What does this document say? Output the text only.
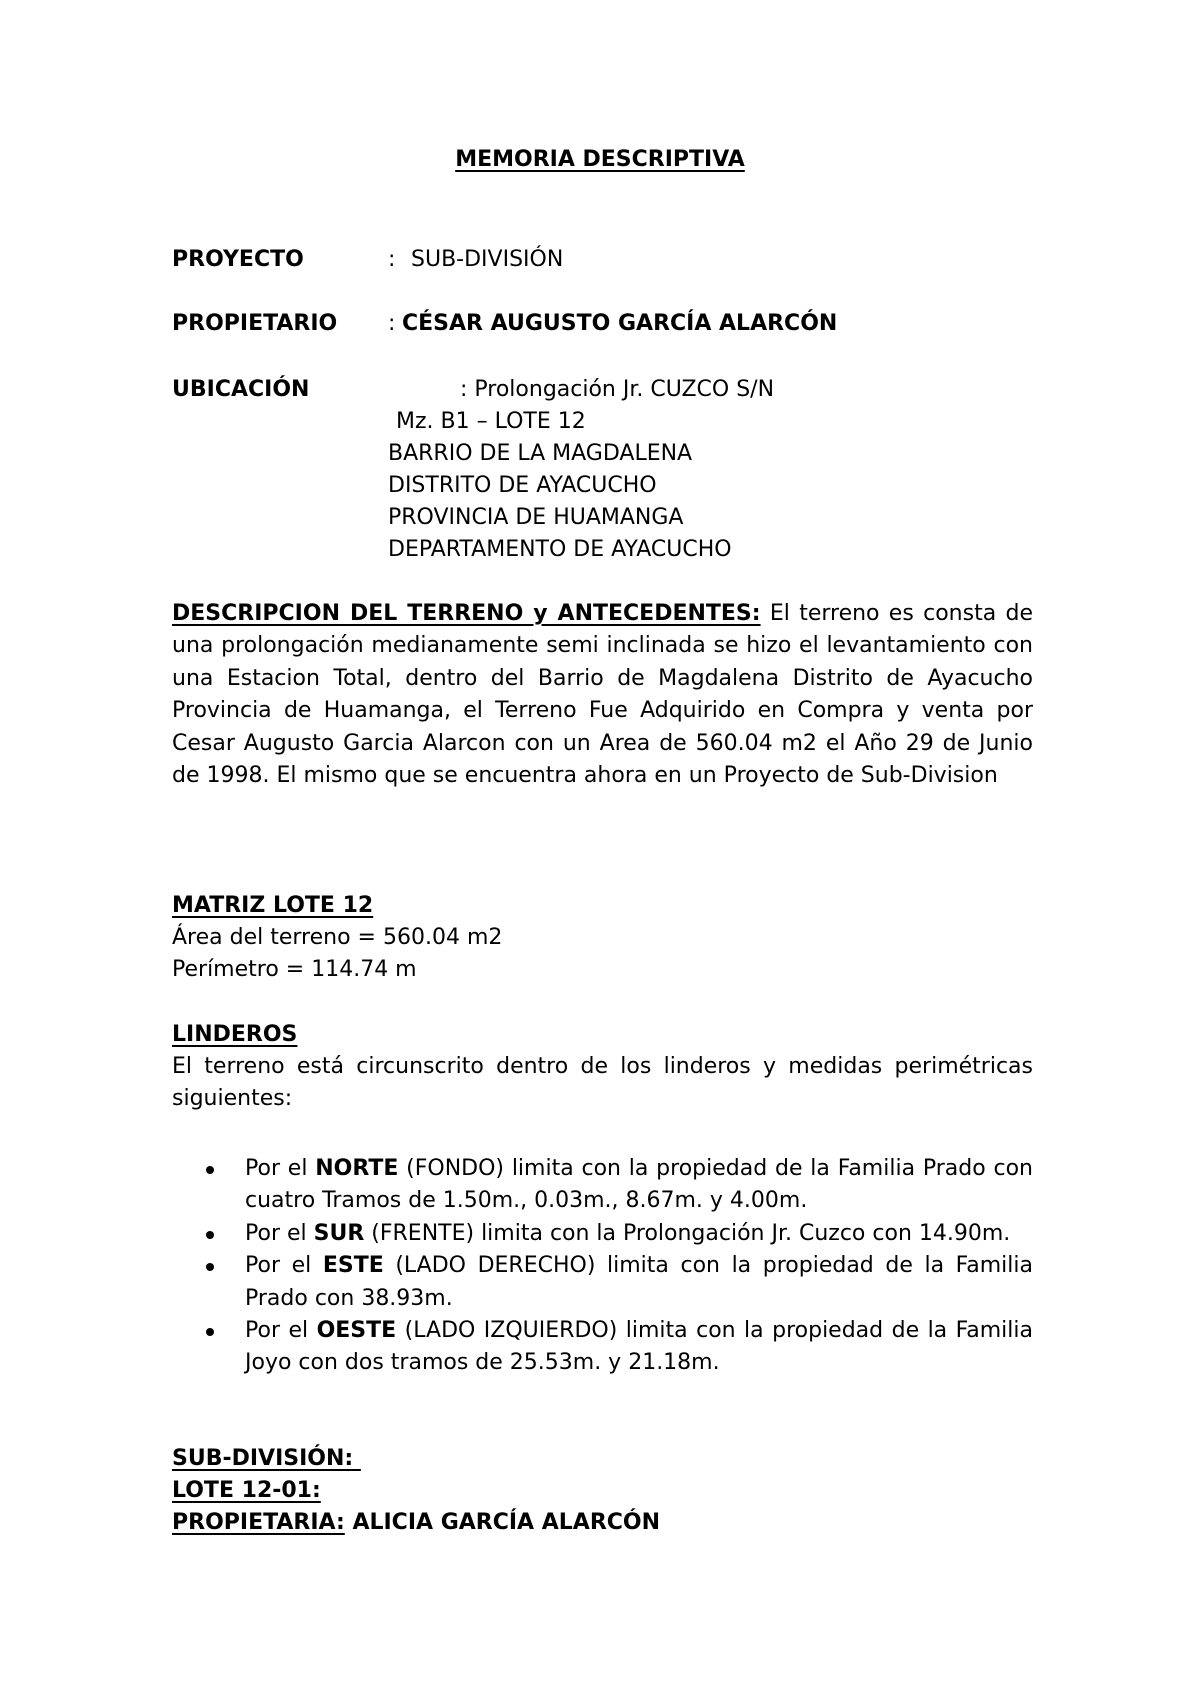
MEMORIA DESCRIPTIVA
PROYECTO	: SUB-DIVISIÓN
PROPIETARIO : CÉSAR AUGUSTO GARCÍA ALARCÓN
UBICACIÓN	: Prolongación Jr. CUZCO S/N
Mz. B1 – LOTE 12
BARRIO DE LA MAGDALENA
DISTRITO DE AYACUCHO
PROVINCIA DE HUAMANGA
DEPARTAMENTO DE AYACUCHO
DESCRIPCION DEL TERRENO y ANTECEDENTES: El terreno es consta de una prolongación medianamente semi inclinada se hizo el levantamiento con una Estacion Total, dentro del Barrio de Magdalena Distrito de Ayacucho Provincia de Huamanga, el Terreno Fue Adquirido en Compra y venta por Cesar Augusto Garcia Alarcon con un Area de 560.04 m2 el Año 29 de Junio de 1998. El mismo que se encuentra ahora en un Proyecto de Sub-Division
MATRIZ LOTE 12
Área del terreno = 560.04 m2
Perímetro = 114.74 m
LINDEROS
El terreno está circunscrito dentro de los linderos y medidas perimétricas siguientes:
Por el NORTE (FONDO) limita con la propiedad de la Familia Prado con cuatro Tramos de 1.50m., 0.03m., 8.67m. y 4.00m.
Por el SUR (FRENTE) limita con la Prolongación Jr. Cuzco con 14.90m.
Por el ESTE (LADO DERECHO) limita con la propiedad de la Familia Prado con 38.93m.
Por el OESTE (LADO IZQUIERDO) limita con la propiedad de la Familia Joyo con dos tramos de 25.53m. y 21.18m.
SUB-DIVISIÓN:
LOTE 12-01:
PROPIETARIA: ALICIA GARCÍA ALARCÓN
